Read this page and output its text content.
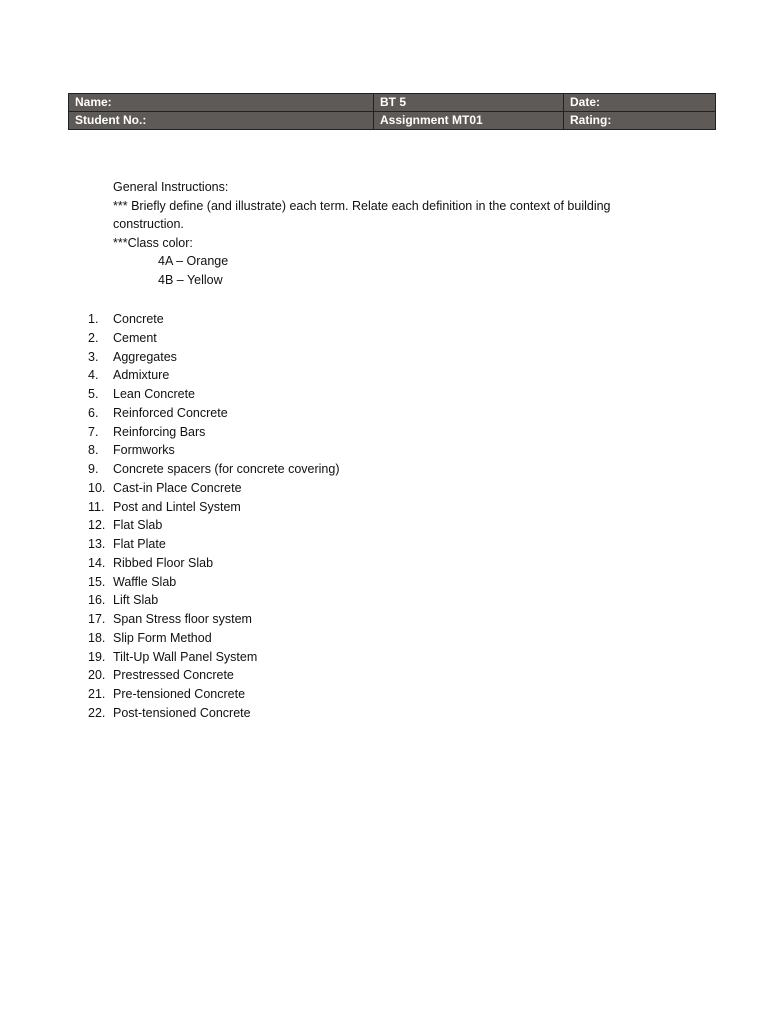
Name:	BT 5	Date:
Student No.:	Assignment MT01	Rating:
General Instructions:
*** Briefly define (and illustrate) each term. Relate each definition in the context of building
construction.
***Class color:
4A – Orange
4B – Yellow
1.	Concrete
2.	Cement
3.	Aggregates
4.	Admixture
5.	Lean Concrete
6.	Reinforced Concrete
7.	Reinforcing Bars
8.	Formworks
9.	Concrete spacers (for concrete covering)
10. Cast-in Place Concrete
11. Post and Lintel System
12. Flat Slab
13. Flat Plate
14. Ribbed Floor Slab
15. Waffle Slab
16. Lift Slab
17. Span Stress floor system
18. Slip Form Method
19. Tilt-Up Wall Panel System
20. Prestressed Concrete
21. Pre-tensioned Concrete
22. Post-tensioned Concrete
